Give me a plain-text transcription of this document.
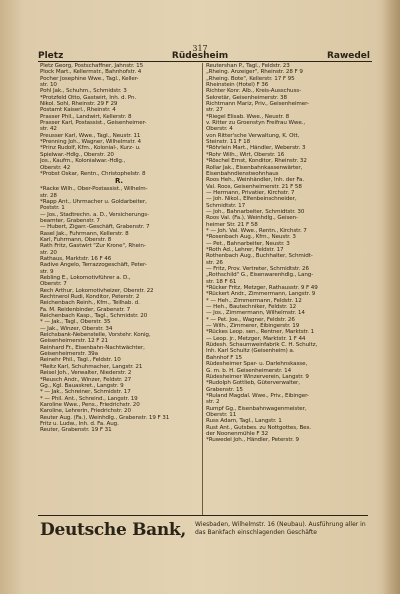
317
Pletz	Rüdesheim	Rawedel
Pletz Georg, Postschaffner, Jahnstr. 15
Plock Mart., Kellermstr., Bahnhofstr. 4
Pocher Josephine Wwe., Tagl., Keller-
str. 10
Pohl Jak., Schuhm., Schmidstr. 3
*Protzfeld Otto, Gastwirt, Inh. d. Pn.
Nikol. Sohl, Rheinstr. 29 F 29
Postamt Kaiserl., Rheinstr. 4
Prasser Phil., Landwirt, Kellerstr. 8
Prasser Karl, Postassist., Geisenheimer-
str. 42
Preusser Karl, Wwe., Tagl., Neustr. 11
*Prenning Joh., Wagner, Wilhelmstr. 4
*Prinz Rudolf, Kfm., Kolonial-, Kurz- u.
Spielwar.-Hdlg., Oberstr. 20
Jos., Kaufm., Kolonialwar.-Hdlg.,
Oberstr. 42
*Probst Oskar, Rentn., Christophelstr. 8
R.
*Racke Wilh., Ober-Postassist., Wilhelm-
str. 28
*Rapp Ant., Uhrmacher u. Goldarbeiter,
Poststr. 1
— Jos., Stadtrechn. a. D., Versicherungs-
beamter, Grabenstr. 7
— Hubert, Zigarr.-Geschäft, Grabenstr. 7
Rasel Jak., Fuhrmann, Kellerstr. 8
Karl, Fuhrmann, Oberstr. 8
Rath Fritz, Gastwirt "Zur Krone", Rhein-
str. 20
Rathaus, Marktstr. 16 F 46
Radive Angelo, Terrazzogeschäft, Peter-
str. 9
Rebling E., Lokomotivführer a. D.,
Oberstr. 7
Rech Arthur, Lokomotivheizer, Oberstr. 22
Rechtnerol Rudi, Konditor, Peterstr. 2
Reichenbach Reinh., Kfm., Teilhab. d.
Fa. M. Reidenbinder, Grabenstr. 7
Reichenbach Kasp., Tagl., Schmidstr. 20
* — Jak., Tagl., Oberstr. 35
— Jak., Winzer, Oberstr. 34
Reichsbank-Nebenstelle, Vorstehr. Konig,
Geisenheimerstr. 12 F 21
Reinhard Fr., Eisenbahn-Nachtwächter,
Geisenheimerstr. 39a
Reinehr Phil., Tagl., Feldstr. 10
*Reitz Karl, Schuhmacher, Langstr. 21
Reisel Joh., Verwalter, Niederstr. 2
*Reusch Andr., Winzer, Feldstr. 27
Gg., Kgl. Bauaskret., Langstr. 9
* — Jak., Schreiner, Schmidstr. 17
* — Phil. Ant., Schreind., Langstr. 19
Karoline Wwe., Pens., Friedrichstr. 20
Karoline, Lehrerin, Friedrichstr. 20
Reuter Aug. (Fa.), Weinhdlg., Grabenstr. 19 F 31
Fritz u. Ludw., Inh. d. Fa. Aug.
Reuter, Grabenstr. 19 F 31
Reutershan P., Tagl., Feldstr. 23
„Rheing. Anzeiger", Rheinstr. 28 F 9
„Rheing. Bote", Kellerstr. 17 F 95
Rheinstein (Hotel) F 36
Richter Konr. Alb., Kreis-Ausschuss-
Sekretär, Geisenheimerstr. 38
Richtmann Mariz, Priv., Geisenheimer-
str. 27
*Riegel Elisab. Wwe., Neustr. 8
v. Ritter zu Groenstyn Freifrau Wwe.,
Oberstr. 4
von Ritter'sche Verwaltung, K. Ott,
Steinstr. 11 F 18
*Röhrlein Mart., Händler, Weberstr. 3
*Rohr Wilh., Wirt, Oberstr. 16
*Röschel Ernst, Konditor, Rheinstr. 32
Rollar Jak., Eisenbahnkassenwärter,
Eisenbahndienstwohnhaus
Roos Heh., Weinhändler, Inh. der Fa.
Val. Roos, Geisenheimerstr. 21 F 58
— Hermann, Privatier, Kirchstr. 7
— Joh. Nikol., Elfenbeinschneider,
Schmidtstr. 17
— Joh., Bahnarbeiter, Schmidtstr. 30
Roos Val. (Fa.), Weinhdlg., Geisen-
heimer Str. 21 F 58
* — Joh. Val. Wwe., Rentn., Kirchstr. 7
*Rosenbach Aug., Kfm., Neustr. 3
— Pet., Bahnarbeiter, Neustr. 3
*Roth Ad., Lehrer, Feldstr. 17
Rothenbach Aug., Buchhalter, Schmidt-
str. 26
— Fritz, Prov. Vertreter, Schmidtstr. 26
„Rothschild" G., Eisenwarenhdlg., Lang-
str. 18 F 61
*Rücker Fritz, Metzger, Rathausstr. 9 F 49
*Rückert Andr., Zimmermann, Langstr. 9
* — Heh., Zimmermann, Feldstr. 12
— Heh., Bautechniker, Feldstr. 12
— Jos., Zimmermann, Wilhelmstr. 14
* — Pet. Joe., Wagner, Feldstr. 26
— Wilh., Zimmerer, Eibingerstr. 19
*Rückes Leop. sen., Rentner, Marktstr. 1
— Leop. jr., Metzger, Marktstr. 1 F 44
Rüdesh. Schaumweinfabrik C. H. Schultz,
Inh. Karl Schultz (Geisenheim) a.
Bahnhof F 15
Rüdesheimer Spar- u. Darlehnskasse,
G. m. b. H. Geisenheimerstr. 14
Rüdesheimer Winzerverein, Langstr. 9
*Rudolph Gottlieb, Güterverwalter,
Grabenstr. 15
*Ruland Magdal. Wwe., Priv., Eibinger-
str. 2
Rumpf Gg., Eisenbahnwagenmeister,
Oberstr. 11
Russ Adam, Tagl., Langstr. 1
Rust Ant., Gutsbes. zu Nottgottes, Bes.
der Noonenmühle F 32
*Ruwedel Joh., Händler, Peterstr. 9
Deutsche Bank, Wiesbaden, Wilhelmstr. 16 (Neubau). Ausführung aller in das Bankfach einschlagenden Geschäfte
